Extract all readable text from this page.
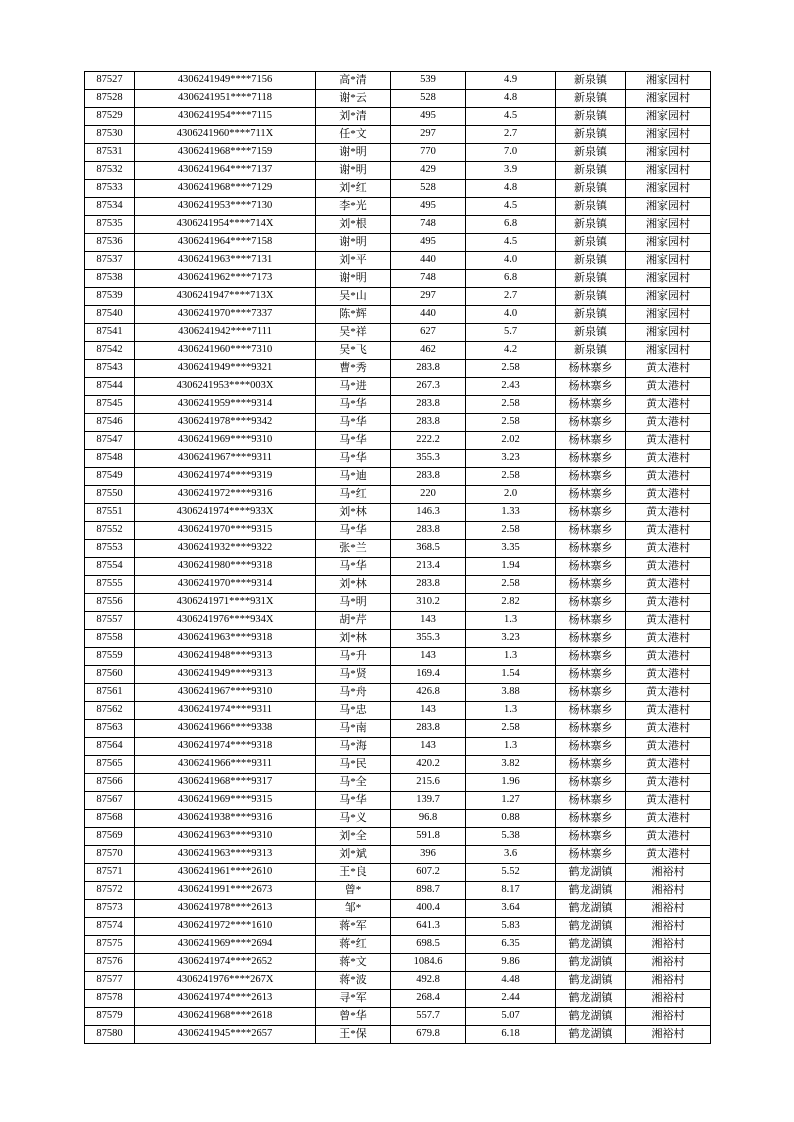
87527	4306241949****7156	高*清	539	4.9	新泉镇	湘家园村
87528	4306241951****7118	谢*云	528	4.8	新泉镇	湘家园村
87529	4306241954****7115	刘*清	495	4.5	新泉镇	湘家园村
87530	4306241960****711X	任*文	297	2.7	新泉镇	湘家园村
87531	4306241968****7159	谢*明	770	7.0	新泉镇	湘家园村
87532	4306241964****7137	谢*明	429	3.9	新泉镇	湘家园村
87533	4306241968****7129	刘*红	528	4.8	新泉镇	湘家园村
87534	4306241953****7130	李*光	495	4.5	新泉镇	湘家园村
87535	4306241954****714X	刘*根	748	6.8	新泉镇	湘家园村
87536	4306241964****7158	谢*明	495	4.5	新泉镇	湘家园村
87537	4306241963****7131	刘*平	440	4.0	新泉镇	湘家园村
87538	4306241962****7173	谢*明	748	6.8	新泉镇	湘家园村
87539	4306241947****713X	吴*山	297	2.7	新泉镇	湘家园村
87540	4306241970****7337	陈*辉	440	4.0	新泉镇	湘家园村
87541	4306241942****7111	吴*祥	627	5.7	新泉镇	湘家园村
87542	4306241960****7310	吴*飞	462	4.2	新泉镇	湘家园村
87543	4306241949****9321	曹*秀	283.8	2.58	杨林寨乡	黄太港村
87544	4306241953****003X	马*进	267.3	2.43	杨林寨乡	黄太港村
87545	4306241959****9314	马*华	283.8	2.58	杨林寨乡	黄太港村
87546	4306241978****9342	马*华	283.8	2.58	杨林寨乡	黄太港村
87547	4306241969****9310	马*华	222.2	2.02	杨林寨乡	黄太港村
87548	4306241967****9311	马*华	355.3	3.23	杨林寨乡	黄太港村
87549	4306241974****9319	马*迪	283.8	2.58	杨林寨乡	黄太港村
87550	4306241972****9316	马*红	220	2.0	杨林寨乡	黄太港村
87551	4306241974****933X	刘*林	146.3	1.33	杨林寨乡	黄太港村
87552	4306241970****9315	马*华	283.8	2.58	杨林寨乡	黄太港村
87553	4306241932****9322	张*兰	368.5	3.35	杨林寨乡	黄太港村
87554	4306241980****9318	马*华	213.4	1.94	杨林寨乡	黄太港村
87555	4306241970****9314	刘*林	283.8	2.58	杨林寨乡	黄太港村
87556	4306241971****931X	马*明	310.2	2.82	杨林寨乡	黄太港村
87557	4306241976****934X	胡*芹	143	1.3	杨林寨乡	黄太港村
87558	4306241963****9318	刘*林	355.3	3.23	杨林寨乡	黄太港村
87559	4306241948****9313	马*升	143	1.3	杨林寨乡	黄太港村
87560	4306241949****9313	马*贤	169.4	1.54	杨林寨乡	黄太港村
87561	4306241967****9310	马*舟	426.8	3.88	杨林寨乡	黄太港村
87562	4306241974****9311	马*忠	143	1.3	杨林寨乡	黄太港村
87563	4306241966****9338	马*南	283.8	2.58	杨林寨乡	黄太港村
87564	4306241974****9318	马*海	143	1.3	杨林寨乡	黄太港村
87565	4306241966****9311	马*民	420.2	3.82	杨林寨乡	黄太港村
87566	4306241968****9317	马*全	215.6	1.96	杨林寨乡	黄太港村
87567	4306241969****9315	马*华	139.7	1.27	杨林寨乡	黄太港村
87568	4306241938****9316	马*义	96.8	0.88	杨林寨乡	黄太港村
87569	4306241963****9310	刘*全	591.8	5.38	杨林寨乡	黄太港村
87570	4306241963****9313	刘*斌	396	3.6	杨林寨乡	黄太港村
87571	4306241961****2610	王*良	607.2	5.52	鹤龙湖镇	湘裕村
87572	4306241991****2673	曾*	898.7	8.17	鹤龙湖镇	湘裕村
87573	4306241978****2613	邹*	400.4	3.64	鹤龙湖镇	湘裕村
87574	4306241972****1610	蒋*军	641.3	5.83	鹤龙湖镇	湘裕村
87575	4306241969****2694	蒋*红	698.5	6.35	鹤龙湖镇	湘裕村
87576	4306241974****2652	蒋*文	1084.6	9.86	鹤龙湖镇	湘裕村
87577	4306241976****267X	蒋*波	492.8	4.48	鹤龙湖镇	湘裕村
87578	4306241974****2613	寻*军	268.4	2.44	鹤龙湖镇	湘裕村
87579	4306241968****2618	曾*华	557.7	5.07	鹤龙湖镇	湘裕村
87580	4306241945****2657	王*保	679.8	6.18	鹤龙湖镇	湘裕村
